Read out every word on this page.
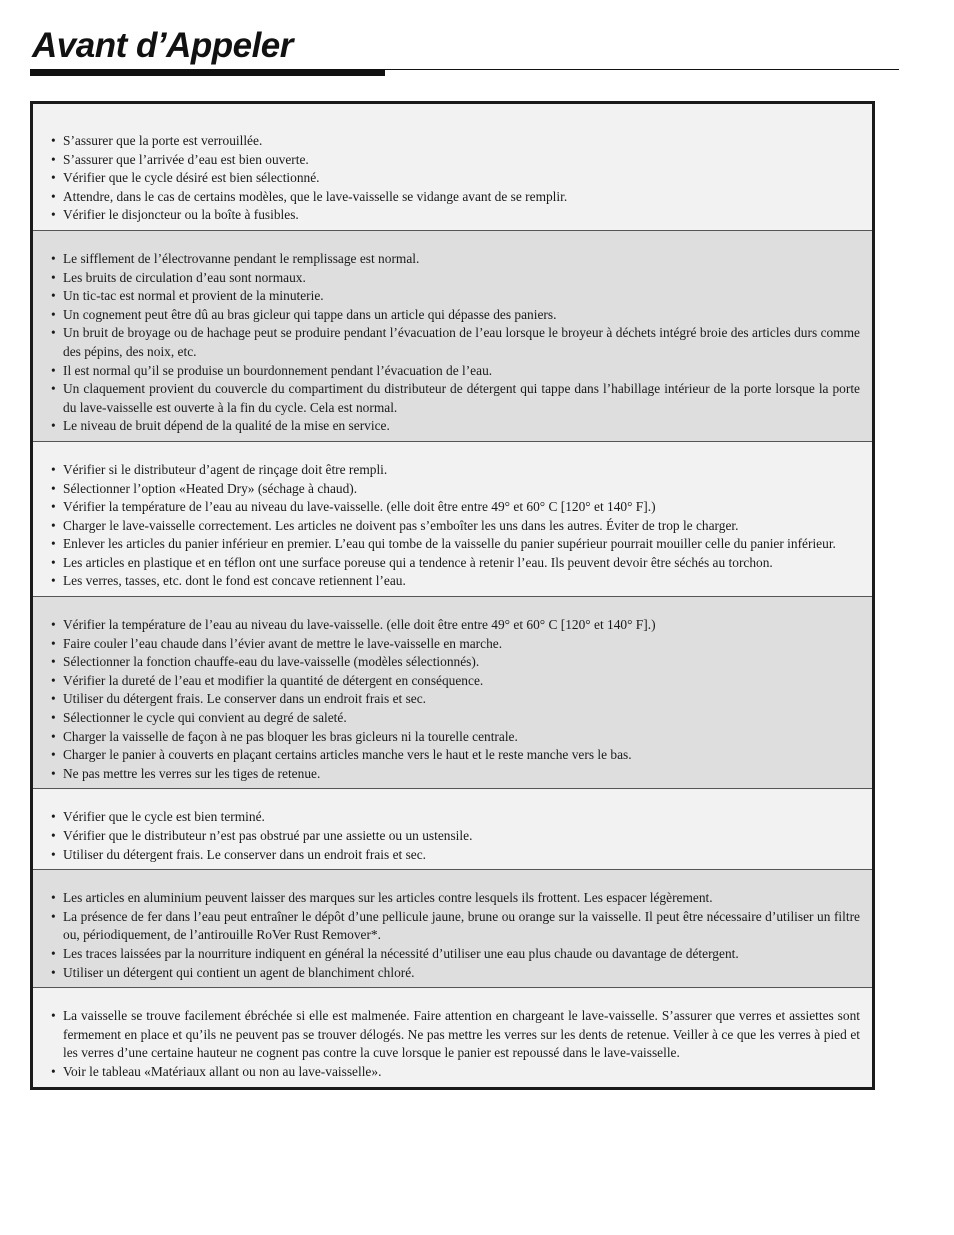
Avant d’Appeler
• S’assurer que la porte est verrouillée.
• S’assurer que l’arrivée d’eau est bien ouverte.
• Vérifier que le cycle désiré est bien sélectionné.
• Attendre, dans le cas de certains modèles, que le lave-vaisselle se vidange avant de se remplir.
• Vérifier le disjoncteur ou la boîte à fusibles.
• Le sifflement de l’électrovanne pendant le remplissage est normal.
• Les bruits de circulation d’eau sont normaux.
• Un tic-tac est normal et provient de la minuterie.
• Un cognement peut être dû au bras gicleur qui tappe dans un article qui dépasse des paniers.
• Un bruit de broyage ou de hachage peut se produire pendant l’évacuation de l’eau lorsque le broyeur à déchets intégré broie des articles durs comme des pépins, des noix, etc.
• Il est normal qu’il se produise un bourdonnement pendant l’évacuation de l’eau.
• Un claquement provient du couvercle du compartiment du distributeur de détergent qui tappe dans l’habillage intérieur de la porte lorsque la porte du lave-vaisselle est ouverte à la fin du cycle. Cela est normal.
• Le niveau de bruit dépend de la qualité de la mise en service.
• Vérifier si le distributeur d’agent de rinçage doit être rempli.
• Sélectionner l’option «Heated Dry» (séchage à chaud).
• Vérifier la température de l’eau au niveau du lave-vaisselle. (elle doit être entre 49° et 60° C [120° et 140° F].)
• Charger le lave-vaisselle correctement. Les articles ne doivent pas s’emboîter les uns dans les autres. Éviter de trop le charger.
• Enlever les articles du panier inférieur en premier. L’eau qui tombe de la vaisselle du panier supérieur pourrait mouiller celle du panier inférieur.
• Les articles en plastique et en téflon ont une surface poreuse qui a tendence à retenir l’eau. Ils peuvent devoir être séchés au torchon.
• Les verres, tasses, etc. dont le fond est concave retiennent l’eau.
• Vérifier la température de l’eau au niveau du lave-vaisselle. (elle doit être entre 49° et 60° C [120° et 140° F].)
• Faire couler l’eau chaude dans l’évier avant de mettre le lave-vaisselle en marche.
• Sélectionner la fonction chauffe-eau du lave-vaisselle (modèles sélectionnés).
• Vérifier la dureté de l’eau et modifier la quantité de détergent en conséquence.
• Utiliser du détergent frais. Le conserver dans un endroit frais et sec.
• Sélectionner le cycle qui convient au degré de saleté.
• Charger la vaisselle de façon à ne pas bloquer les bras gicleurs ni la tourelle centrale.
• Charger le panier à couverts en plaçant certains articles manche vers le haut et le reste manche vers le bas.
• Ne pas mettre les verres sur les tiges de retenue.
• Vérifier que le cycle est bien terminé.
• Vérifier que le distributeur n’est pas obstrué par une assiette ou un ustensile.
• Utiliser du détergent frais. Le conserver dans un endroit frais et sec.
• Les articles en aluminium peuvent laisser des marques sur les articles contre lesquels ils frottent. Les espacer légèrement.
• La présence de fer dans l’eau peut entraîner le dépôt d’une pellicule jaune, brune ou orange sur la vaisselle. Il peut être nécessaire d’utiliser un filtre ou, périodiquement, de l’antirouille RoVer Rust Remover*.
• Les traces laissées par la nourriture indiquent en général la nécessité d’utiliser une eau plus chaude ou davantage de détergent.
• Utiliser un détergent qui contient un agent de blanchiment chloré.
• La vaisselle se trouve facilement ébréchée si elle est malmenée. Faire attention en chargeant le lave-vaisselle. S’assurer que verres et assiettes sont fermement en place et qu’ils ne peuvent pas se trouver délogés. Ne pas mettre les verres sur les dents de retenue. Veiller à ce que les verres à pied et les verres d’une certaine hauteur ne cognent pas contre la cuve lorsque le panier est repoussé dans le lave-vaisselle.
• Voir le tableau «Matériaux allant ou non au lave-vaisselle».
